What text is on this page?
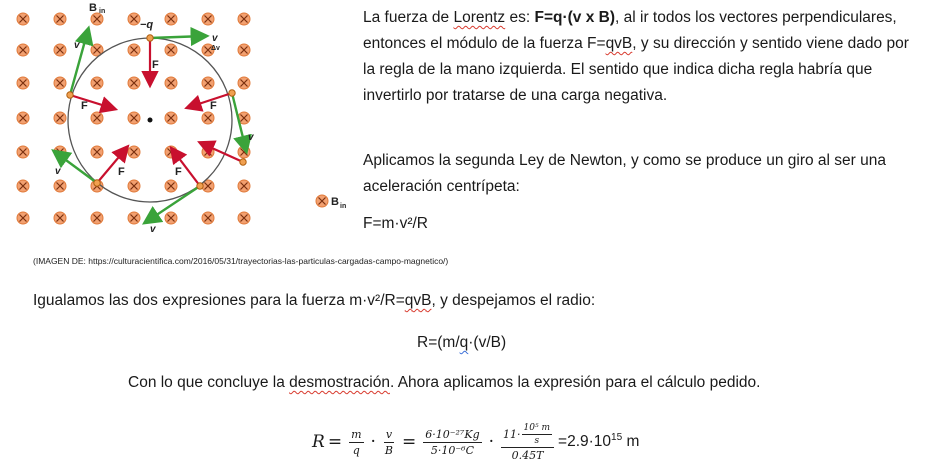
B in
−q
v
Δv
v
F
F	F
v
v	F	F
v
B in

La fuerza de Lorentz es: F=q·(v x B), al ir todos los vectores perpendiculares, entonces el módulo de la fuerza F=qvB, y su dirección y sentido viene dado por la regla de la mano izquierda. El sentido que indica dicha regla habría que invertirlo por tratarse de una carga negativa.

Aplicamos la segunda Ley de Newton, y como se produce un giro al ser una aceleración centrípeta:

F=m·v²/R
(IMAGEN DE: https://culturacientifica.com/2016/05/31/trayectorias-las-particulas-cargadas-campo-magnetico/)
Igualamos las dos expresiones para la fuerza m·v²/R=qvB, y despejamos el radio:
R=(m/q·(v/B)
Con lo que concluye la desmostración. Ahora aplicamos la expresión para el cálculo pedido.
$R = \frac{m}{q} \cdot \frac{v}{B} = \frac{\text{6·10⁻²⁷Kg}}{\text{5·10⁻⁶C}} \cdot \frac{11\cdot \frac{\text{10⁵ m}}{s}}{0.45T} =2.9\cdot 10^{15}$ m
